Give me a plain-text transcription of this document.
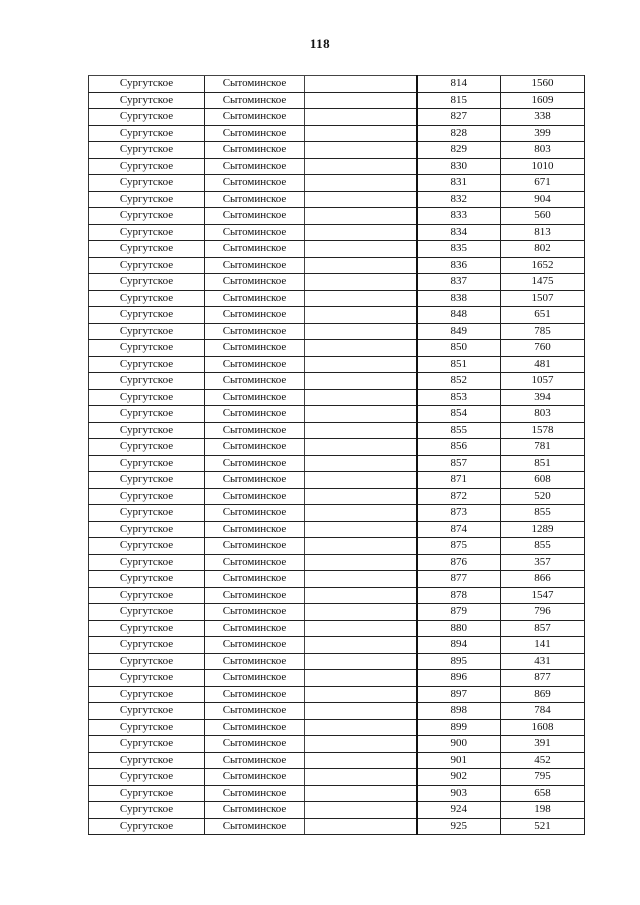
118
Сургутское	Сытоминское		814	1560
Сургутское	Сытоминское		815	1609
Сургутское	Сытоминское		827	338
Сургутское	Сытоминское		828	399
Сургутское	Сытоминское		829	803
Сургутское	Сытоминское		830	1010
Сургутское	Сытоминское		831	671
Сургутское	Сытоминское		832	904
Сургутское	Сытоминское		833	560
Сургутское	Сытоминское		834	813
Сургутское	Сытоминское		835	802
Сургутское	Сытоминское		836	1652
Сургутское	Сытоминское		837	1475
Сургутское	Сытоминское		838	1507
Сургутское	Сытоминское		848	651
Сургутское	Сытоминское		849	785
Сургутское	Сытоминское		850	760
Сургутское	Сытоминское		851	481
Сургутское	Сытоминское		852	1057
Сургутское	Сытоминское		853	394
Сургутское	Сытоминское		854	803
Сургутское	Сытоминское		855	1578
Сургутское	Сытоминское		856	781
Сургутское	Сытоминское		857	851
Сургутское	Сытоминское		871	608
Сургутское	Сытоминское		872	520
Сургутское	Сытоминское		873	855
Сургутское	Сытоминское		874	1289
Сургутское	Сытоминское		875	855
Сургутское	Сытоминское		876	357
Сургутское	Сытоминское		877	866
Сургутское	Сытоминское		878	1547
Сургутское	Сытоминское		879	796
Сургутское	Сытоминское		880	857
Сургутское	Сытоминское		894	141
Сургутское	Сытоминское		895	431
Сургутское	Сытоминское		896	877
Сургутское	Сытоминское		897	869
Сургутское	Сытоминское		898	784
Сургутское	Сытоминское		899	1608
Сургутское	Сытоминское		900	391
Сургутское	Сытоминское		901	452
Сургутское	Сытоминское		902	795
Сургутское	Сытоминское		903	658
Сургутское	Сытоминское		924	198
Сургутское	Сытоминское		925	521
